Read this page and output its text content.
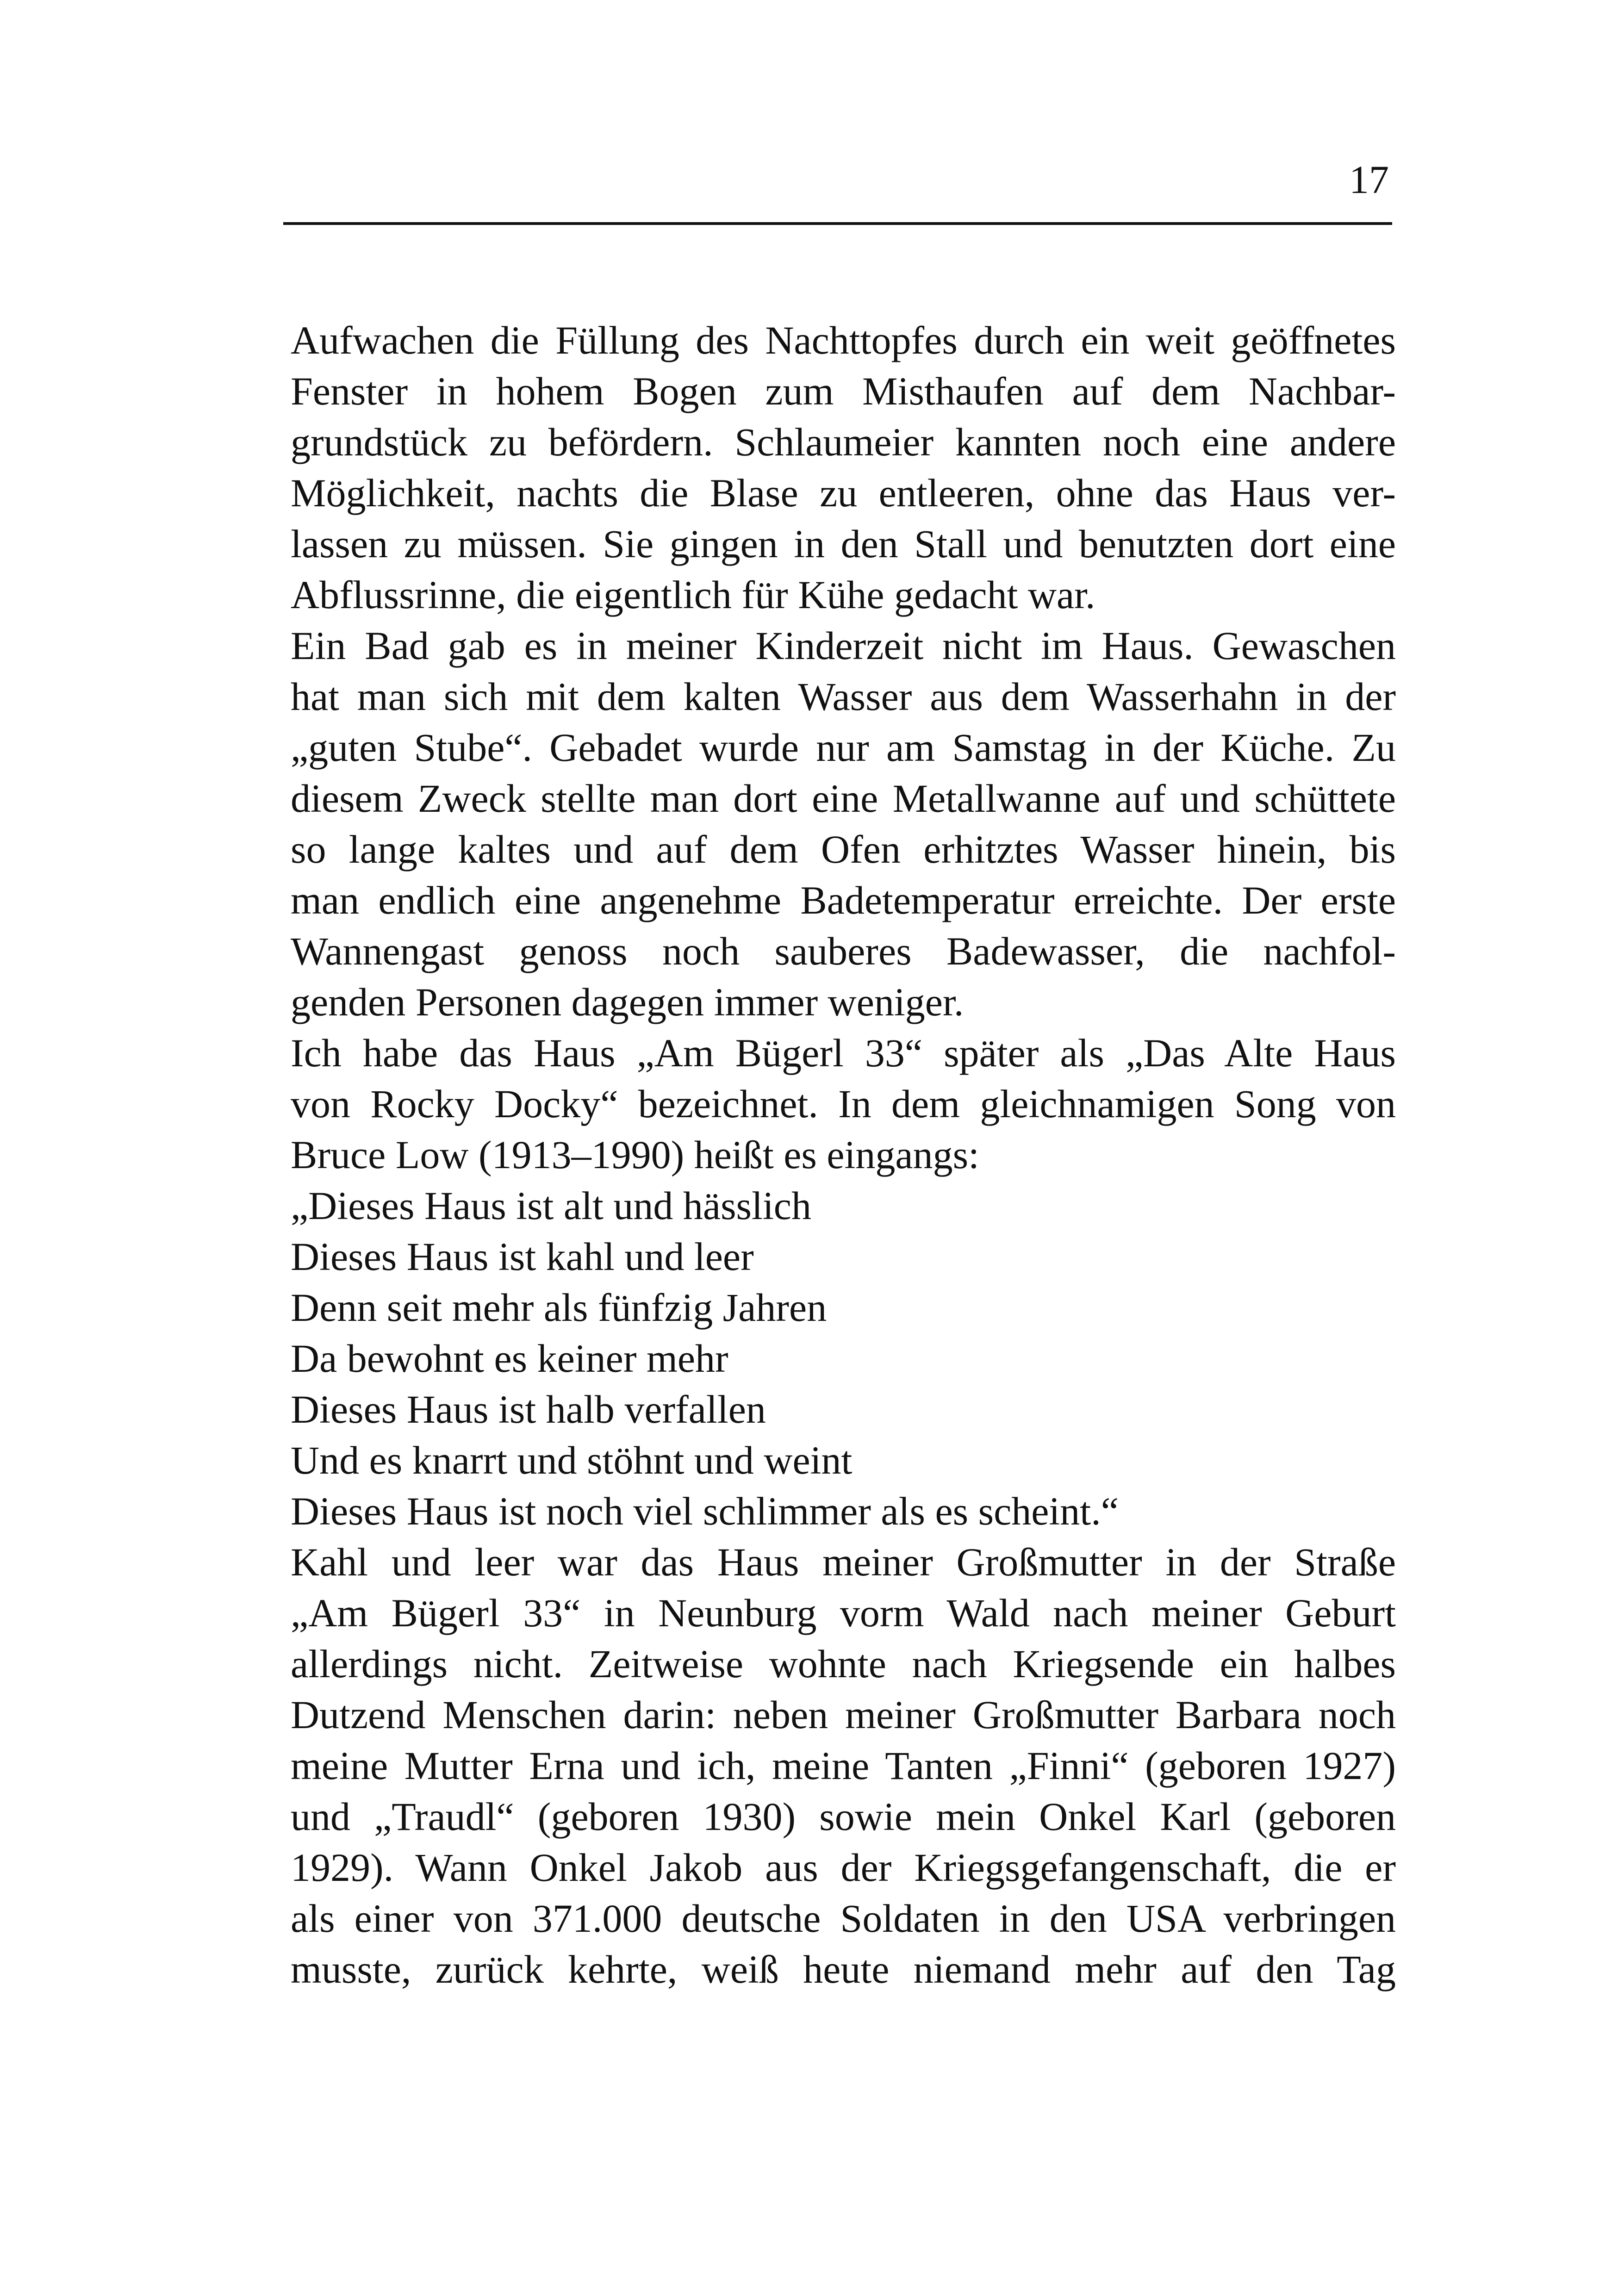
17
Aufwachen die Füllung des Nachttopfes durch ein weit geöffnetes
Fenster in hohem Bogen zum Misthaufen auf dem Nachbar-
grundstück zu befördern. Schlaumeier kannten noch eine andere
Möglichkeit, nachts die Blase zu entleeren, ohne das Haus ver-
lassen zu müssen. Sie gingen in den Stall und benutzten dort eine
Abflussrinne, die eigentlich für Kühe gedacht war.
Ein Bad gab es in meiner Kinderzeit nicht im Haus. Gewaschen
hat man sich mit dem kalten Wasser aus dem Wasserhahn in der
„guten Stube“. Gebadet wurde nur am Samstag in der Küche. Zu
diesem Zweck stellte man dort eine Metallwanne auf und schüttete
so lange kaltes und auf dem Ofen erhitztes Wasser hinein, bis
man endlich eine angenehme Badetemperatur erreichte. Der erste
Wannengast genoss noch sauberes Badewasser, die nachfol-
genden Personen dagegen immer weniger.
Ich habe das Haus „Am Bügerl 33“ später als „Das Alte Haus
von Rocky Docky“ bezeichnet. In dem gleichnamigen Song von
Bruce Low (1913–1990) heißt es eingangs:
„Dieses Haus ist alt und hässlich
Dieses Haus ist kahl und leer
Denn seit mehr als fünfzig Jahren
Da bewohnt es keiner mehr
Dieses Haus ist halb verfallen
Und es knarrt und stöhnt und weint
Dieses Haus ist noch viel schlimmer als es scheint.“
Kahl und leer war das Haus meiner Großmutter in der Straße
„Am Bügerl 33“ in Neunburg vorm Wald nach meiner Geburt
allerdings nicht. Zeitweise wohnte nach Kriegsende ein halbes
Dutzend Menschen darin: neben meiner Großmutter Barbara noch
meine Mutter Erna und ich, meine Tanten „Finni“ (geboren 1927)
und „Traudl“ (geboren 1930) sowie mein Onkel Karl (geboren
1929). Wann Onkel Jakob aus der Kriegsgefangenschaft, die er
als einer von 371.000 deutsche Soldaten in den USA verbringen
musste, zurück kehrte, weiß heute niemand mehr auf den Tag
